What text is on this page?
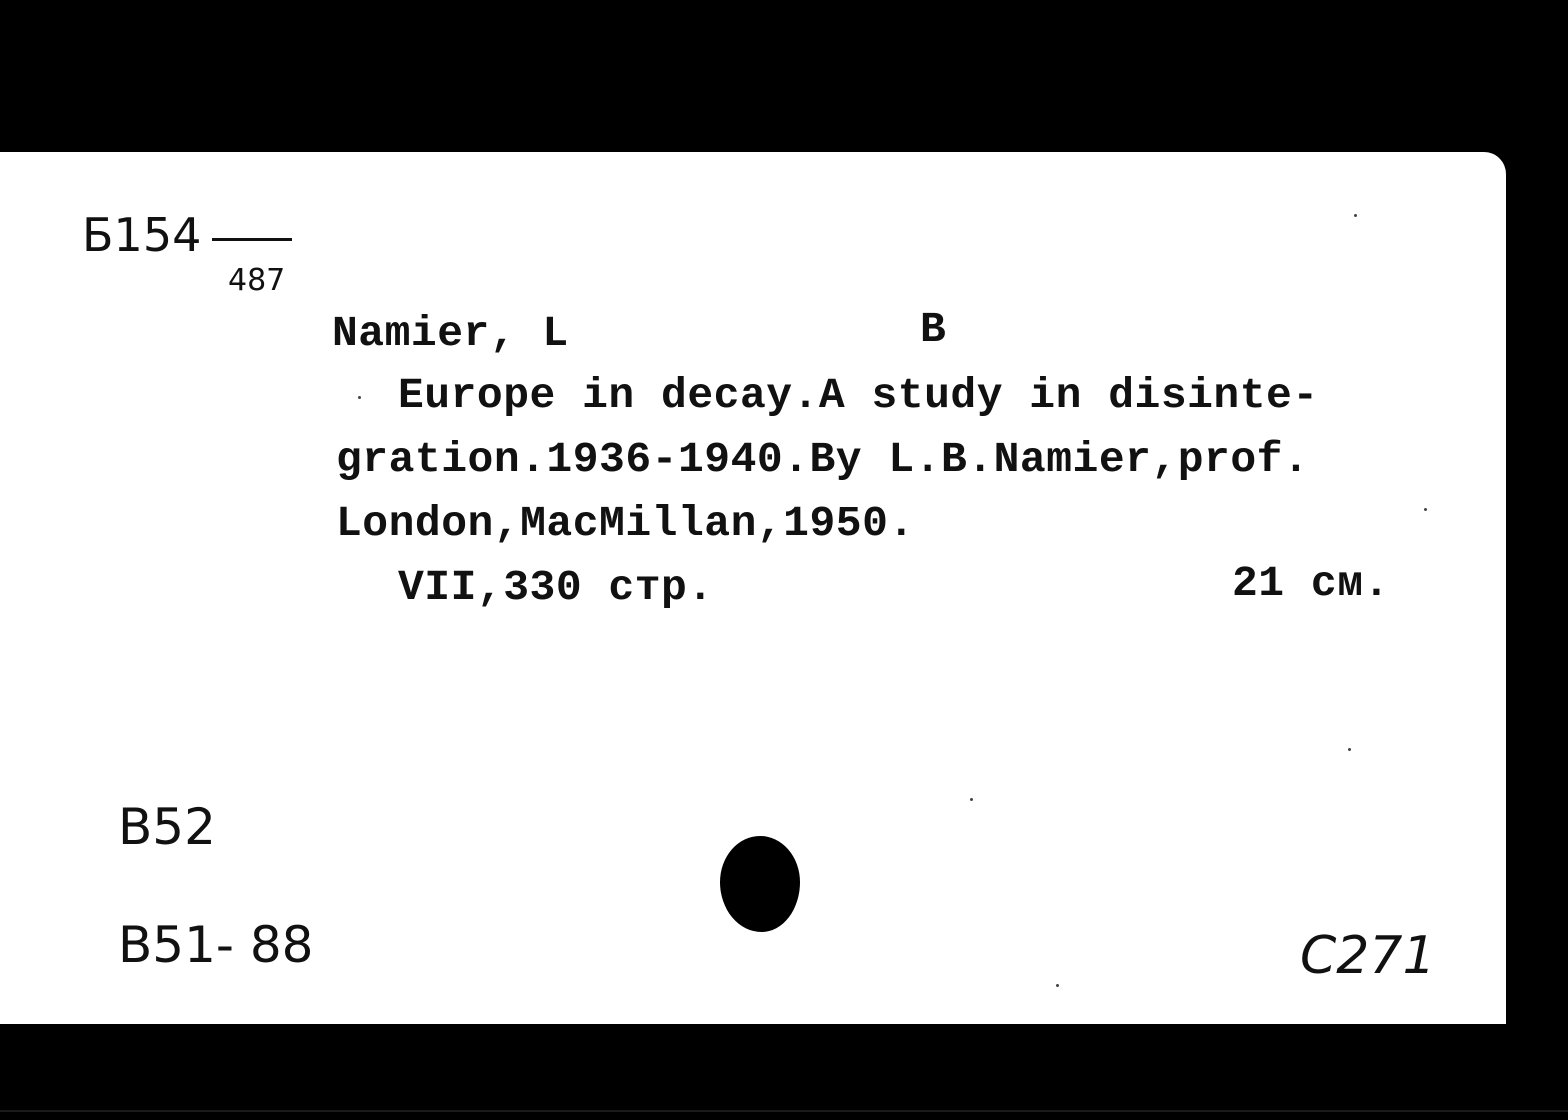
Б154
487
Namier, L	B
Europe in decay.A study in disinte-
gration.1936-1940.By L.B.Namier,prof.
London,MacMillan,1950.
VII,330 стр.	21 см.
B52
B51- 88	C271
